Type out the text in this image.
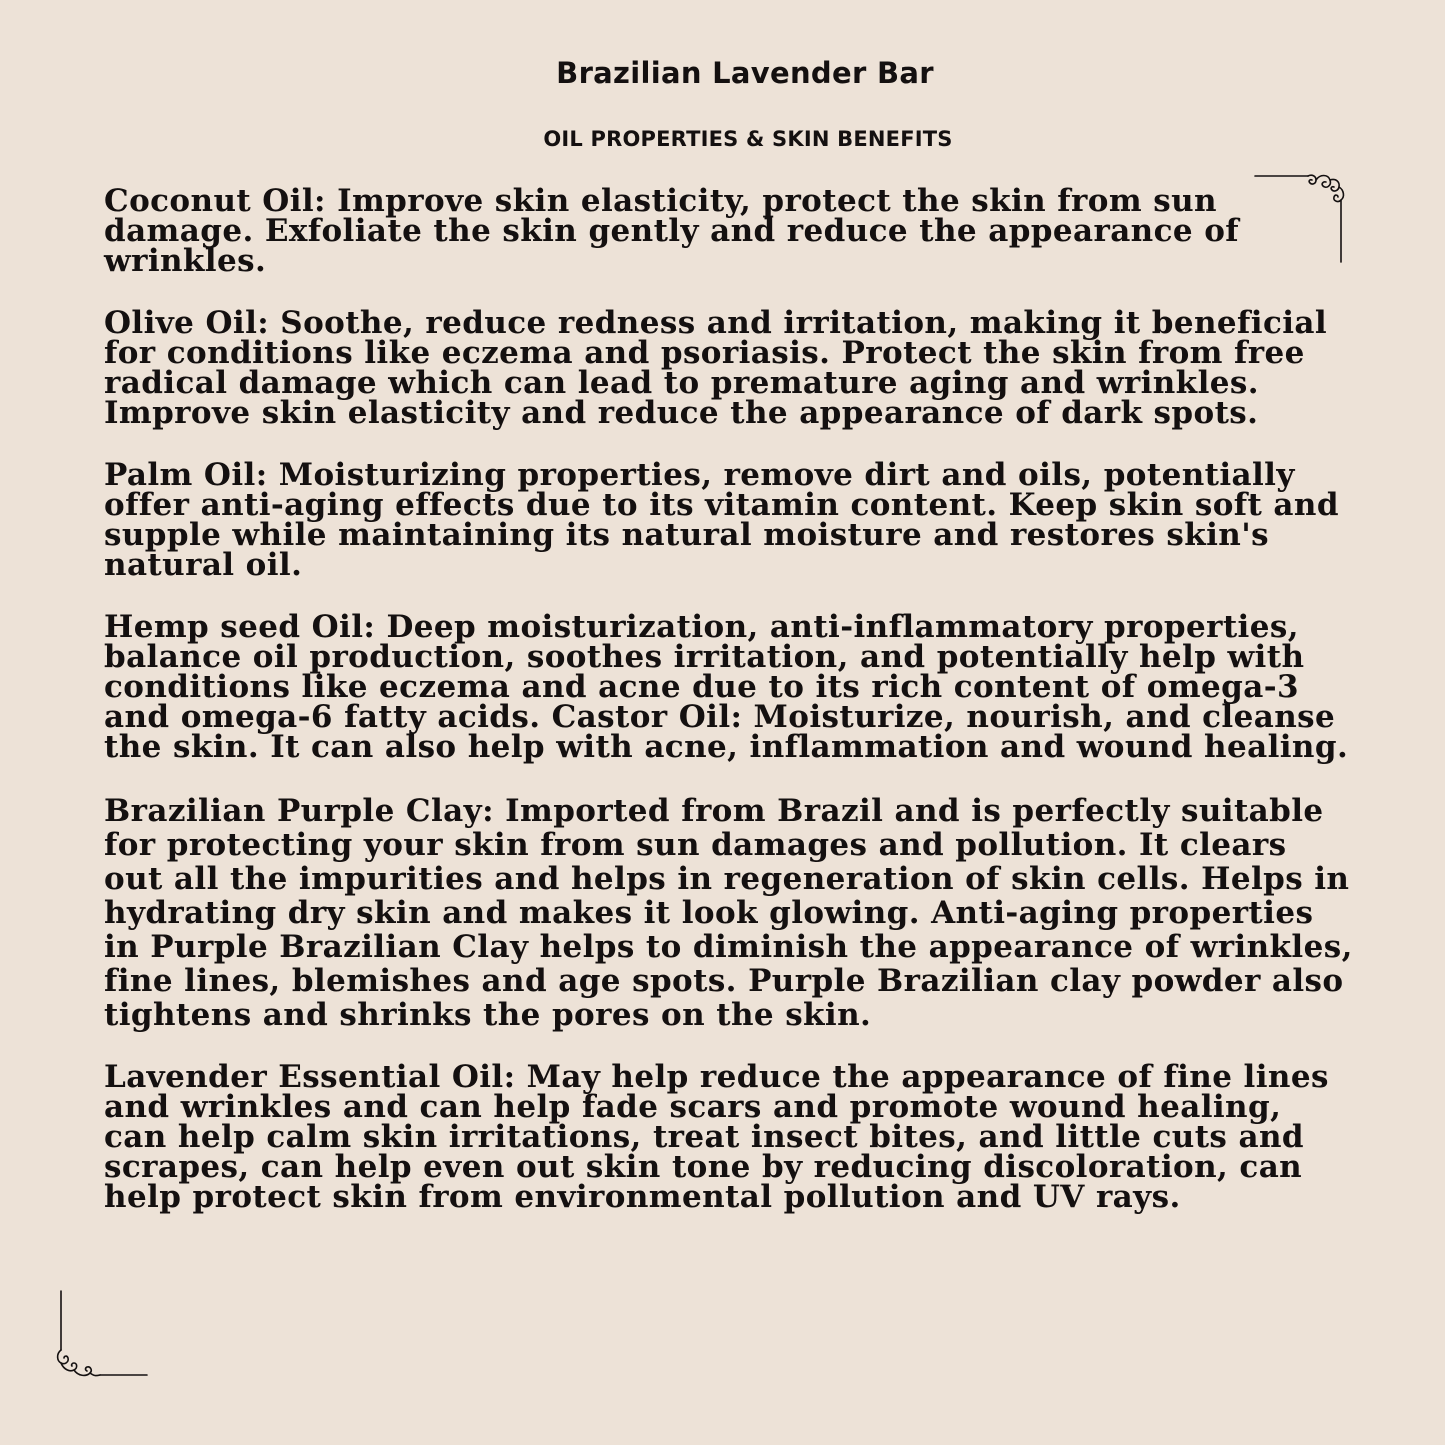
Brazilian Lavender Bar
OIL PROPERTIES & SKIN BENEFITS

Coconut Oil: Improve skin elasticity, protect the skin from sun damage. Exfoliate the skin gently and reduce the appearance of wrinkles.

Olive Oil: Soothe, reduce redness and irritation, making it beneficial for conditions like eczema and psoriasis. Protect the skin from free radical damage which can lead to premature aging and wrinkles. Improve skin elasticity and reduce the appearance of dark spots.

Palm Oil: Moisturizing properties, remove dirt and oils, potentially offer anti-aging effects due to its vitamin content. Keep skin soft and supple while maintaining its natural moisture and restores skin's natural oil.

Hemp seed Oil: Deep moisturization, anti-inflammatory properties, balance oil production, soothes irritation, and potentially help with conditions like eczema and acne due to its rich content of omega-3 and omega-6 fatty acids. Castor Oil: Moisturize, nourish, and cleanse the skin. It can also help with acne, inflammation and wound healing.

Brazilian Purple Clay: Imported from Brazil and is perfectly suitable for protecting your skin from sun damages and pollution. It clears out all the impurities and helps in regeneration of skin cells. Helps in hydrating dry skin and makes it look glowing. Anti-aging properties in Purple Brazilian Clay helps to diminish the appearance of wrinkles, fine lines, blemishes and age spots. Purple Brazilian clay powder also tightens and shrinks the pores on the skin.

Lavender Essential Oil: May help reduce the appearance of fine lines and wrinkles and can help fade scars and promote wound healing, can help calm skin irritations, treat insect bites, and little cuts and scrapes, can help even out skin tone by reducing discoloration, can help protect skin from environmental pollution and UV rays.
